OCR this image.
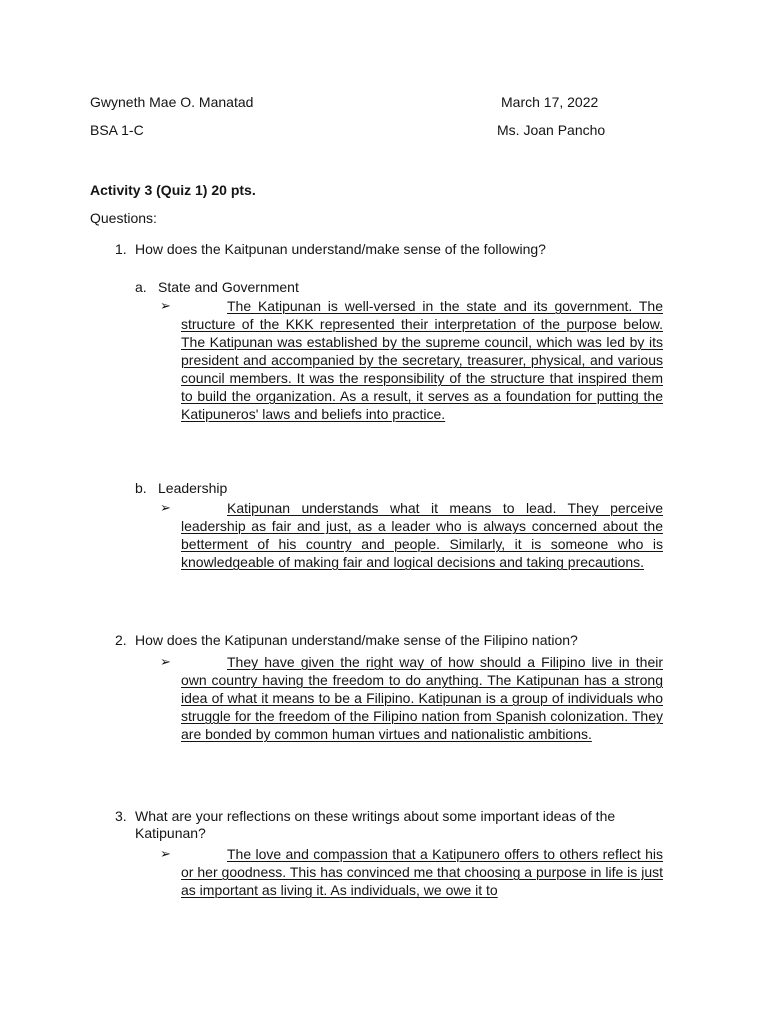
Gwyneth Mae O. Manatad	March 17, 2022
BSA 1-C	Ms. Joan Pancho
Activity 3 (Quiz 1) 20 pts.
Questions:
1. How does the Kaitpunan understand/make sense of the following?
a. State and Government
➢	The Katipunan is well-versed in the state and its government. The structure of the KKK represented their interpretation of the purpose below. The Katipunan was established by the supreme council, which was led by its president and accompanied by the secretary, treasurer, physical, and various council members. It was the responsibility of the structure that inspired them to build the organization. As a result, it serves as a foundation for putting the Katipuneros' laws and beliefs into practice.

b. Leadership
➢	Katipunan understands what it means to lead. They perceive leadership as fair and just, as a leader who is always concerned about the betterment of his country and people. Similarly, it is someone who is knowledgeable of making fair and logical decisions and taking precautions.

2. How does the Katipunan understand/make sense of the Filipino nation?
➢	They have given the right way of how should a Filipino live in their own country having the freedom to do anything. The Katipunan has a strong idea of what it means to be a Filipino. Katipunan is a group of individuals who struggle for the freedom of the Filipino nation from Spanish colonization. They are bonded by common human virtues and nationalistic ambitions.

3. What are your reflections on these writings about some important ideas of the Katipunan?
➢	The love and compassion that a Katipunero offers to others reflect his or her goodness. This has convinced me that choosing a purpose in life is just as important as living it. As individuals, we owe it to
